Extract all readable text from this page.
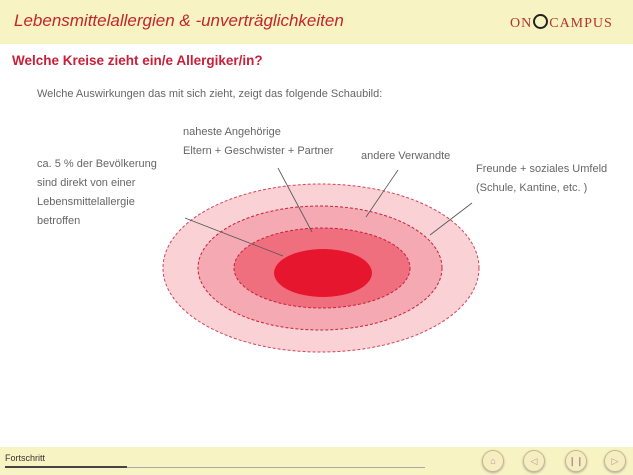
Lebensmittelallergien & -unverträglichkeiten	ON CAMPUS
Welche Kreise zieht ein/e Allergiker/in?
Welche Auswirkungen das mit sich zieht, zeigt das folgende Schaubild:
ca. 5 % der Bevölkerung
sind direkt von einer
Lebensmittelallergie
betroffen
naheste Angehörige
Eltern + Geschwister + Partner	andere Verwandte
Freunde + soziales Umfeld
(Schule, Kantine, etc. )
Fortschritt	⌂	◁	❙❙	▷
